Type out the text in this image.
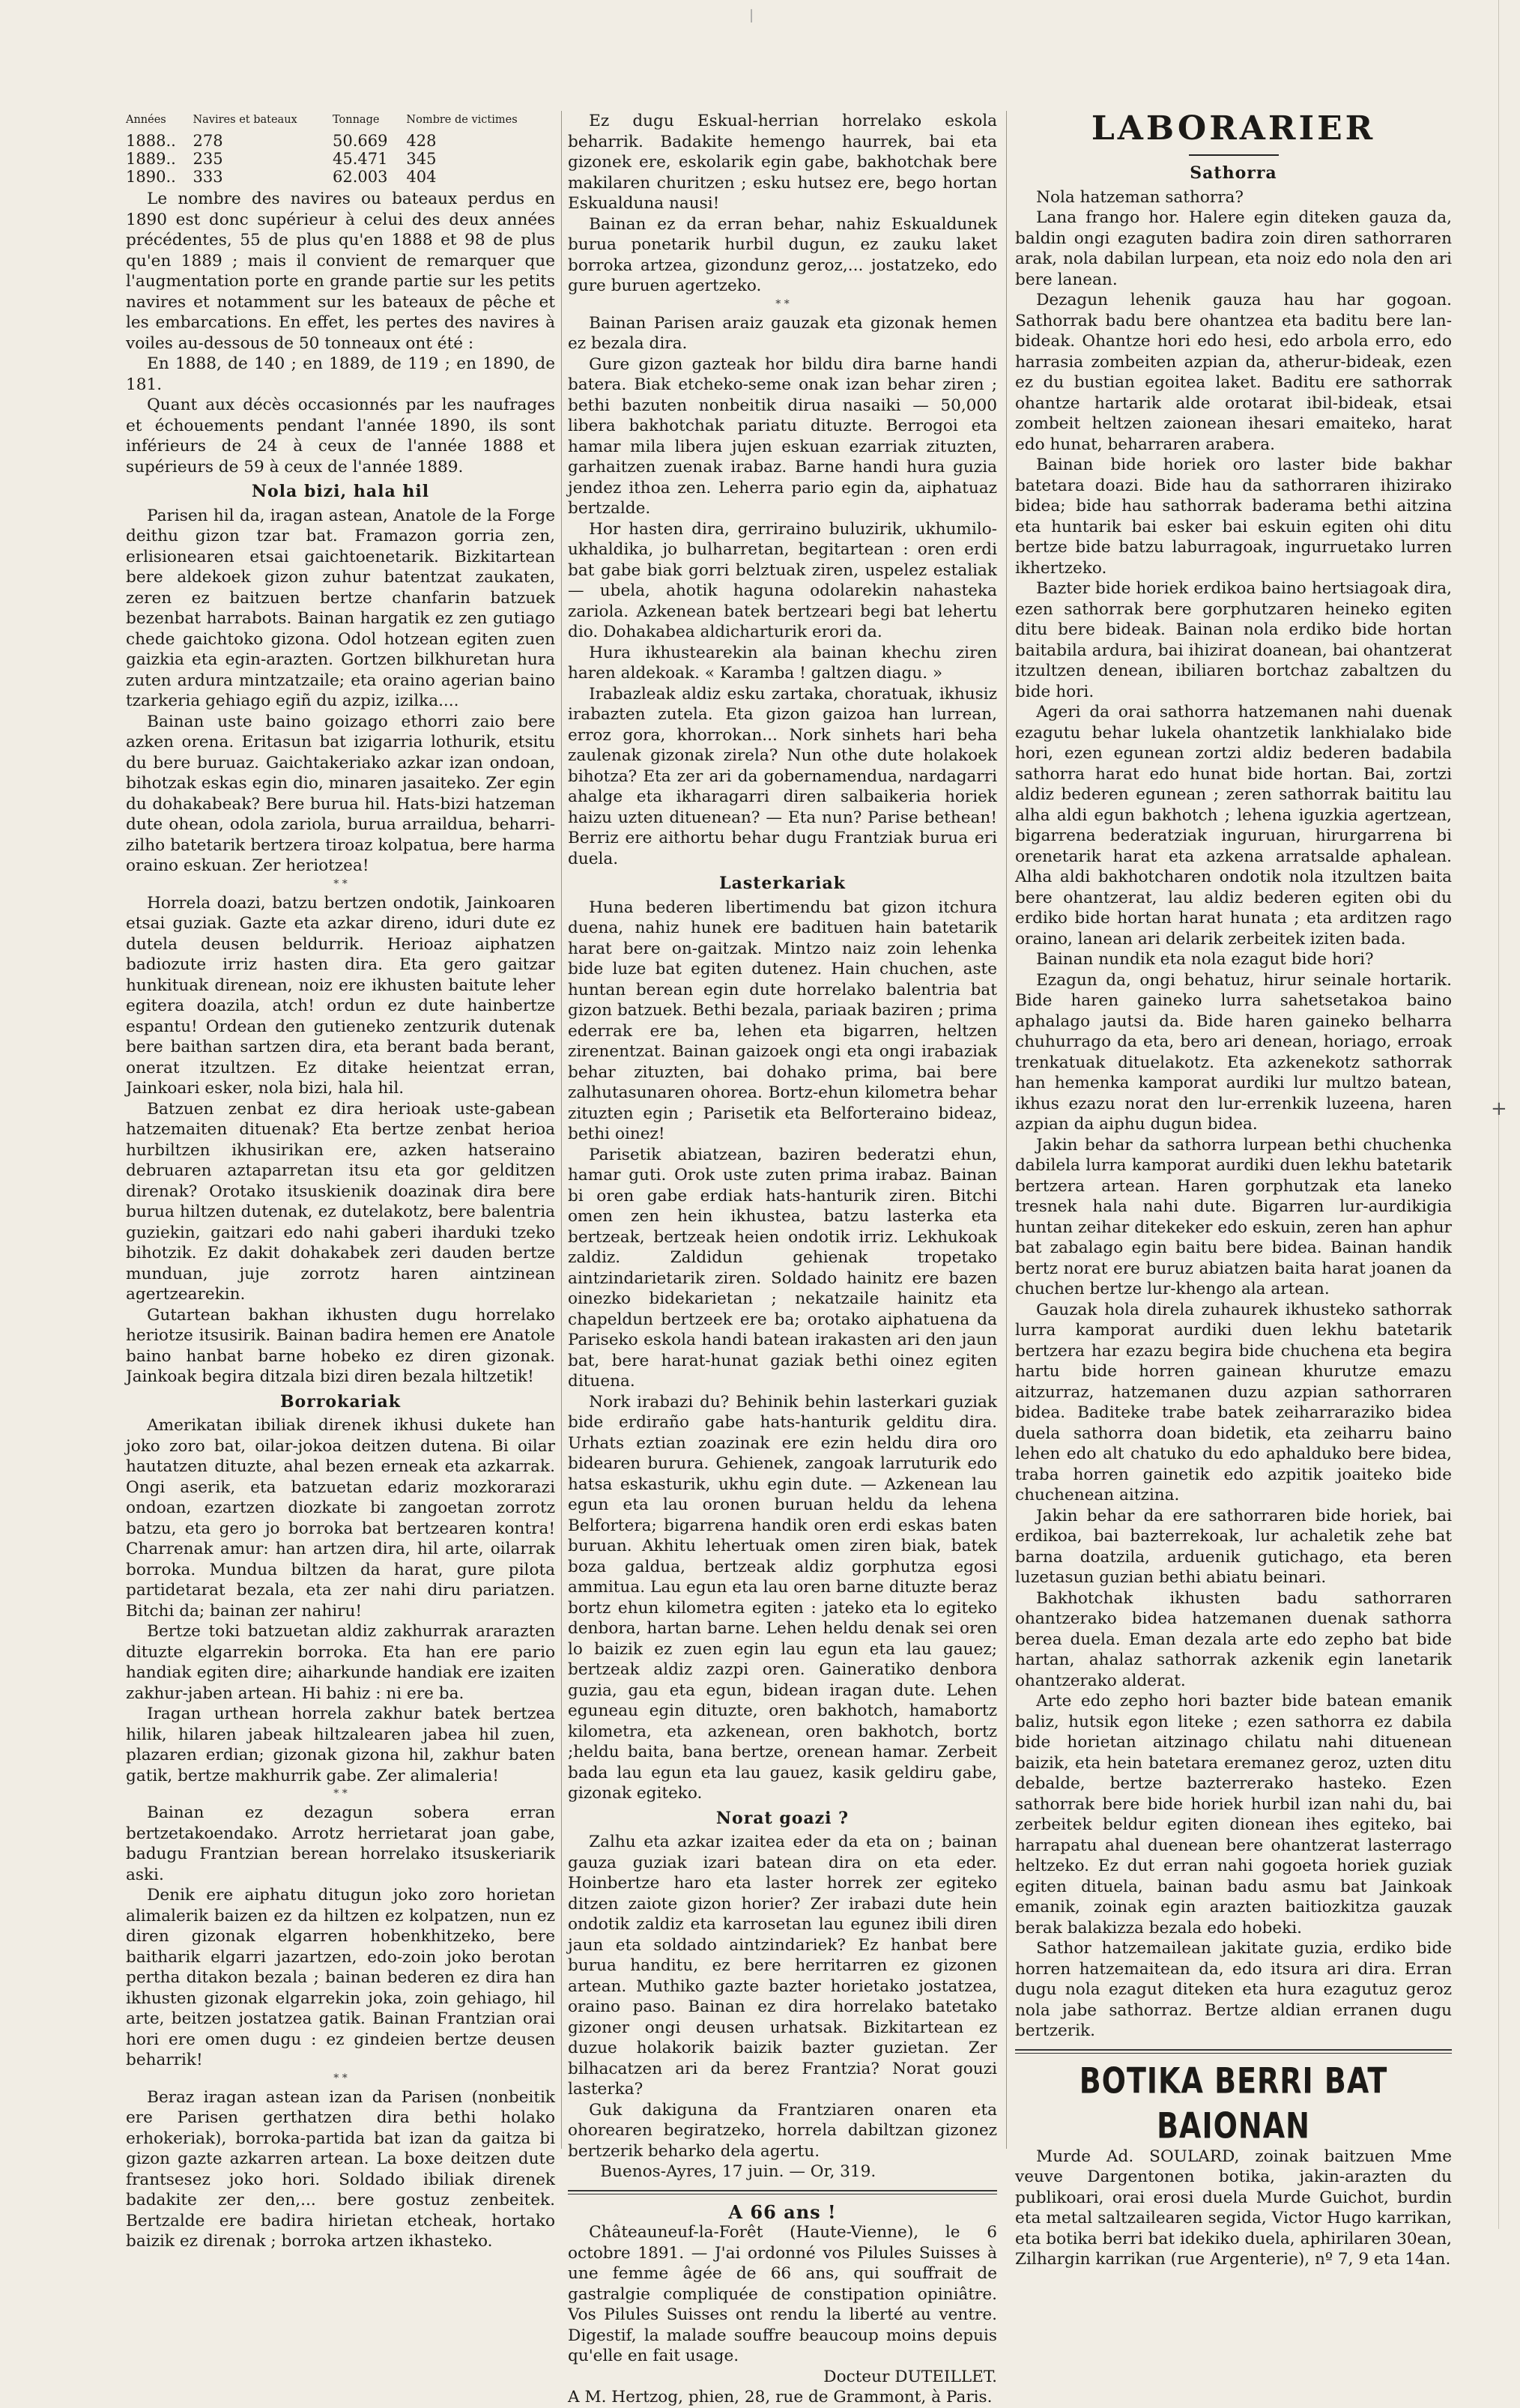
|
+
Années	Navires et bateaux	Tonnage	Nombre de victimes
1888..	278	50.669	428
1889..	235	45.471	345
1890..	333	62.003	404

Le nombre des navires ou bateaux perdus en 1890 est donc supérieur à celui des deux années précédentes, 55 de plus qu'en 1888 et 98 de plus qu'en 1889 ; mais il convient de remarquer que l'augmentation porte en grande partie sur les petits navires et notamment sur les bateaux de pêche et les embarcations. En effet, les pertes des navires à voiles au-dessous de 50 tonneaux ont été :

En 1888, de 140 ; en 1889, de 119 ; en 1890, de 181.

Quant aux décès occasionnés par les naufrages et échouements pendant l'année 1890, ils sont inférieurs de 24 à ceux de l'année 1888 et supérieurs de 59 à ceux de l'année 1889.

Nola bizi, hala hil

Parisen hil da, iragan astean, Anatole de la Forge deithu gizon tzar bat. Framazon gorria zen, erlisionearen etsai gaichtoenetarik. Bizkitartean bere aldekoek gizon zuhur batentzat zaukaten, zeren ez baitzuen bertze chanfarin batzuek bezenbat harrabots. Bainan hargatik ez zen gutiago chede gaichtoko gizona. Odol hotzean egiten zuen gaizkia eta egin-arazten. Gortzen bilkhuretan hura zuten ardura mintzatzaile; eta oraino agerian baino tzarkeria gehiago egiñ du azpiz, izilka....

Bainan uste baino goizago ethorri zaio bere azken orena. Eritasun bat izigarria lothurik, etsitu du bere buruaz. Gaichtakeriako azkar izan ondoan, bihotzak eskas egin dio, minaren jasaiteko. Zer egin du dohakabeak? Bere burua hil. Hats-bizi hatzeman dute ohean, odola zariola, burua arraildua, beharri-zilho batetarik bertzera tiroaz kolpatua, bere harma oraino eskuan. Zer heriotzea!

* *

Horrela doazi, batzu bertzen ondotik, Jainkoaren etsai guziak. Gazte eta azkar direno, iduri dute ez dutela deusen beldurrik. Herioaz aiphatzen badiozute irriz hasten dira. Eta gero gaitzar hunkituak direnean, noiz ere ikhusten baitute leher egitera doazila, atch! ordun ez dute hainbertze espantu! Ordean den gutieneko zentzurik dutenak bere baithan sartzen dira, eta berant bada berant, onerat itzultzen. Ez ditake heientzat erran, Jainkoari esker, nola bizi, hala hil.

Batzuen zenbat ez dira herioak uste-gabean hatzemaiten dituenak? Eta bertze zenbat herioa hurbiltzen ikhusirikan ere, azken hatseraino debruaren aztaparretan itsu eta gor gelditzen direnak? Orotako itsuskienik doazinak dira bere burua hiltzen dutenak, ez dutelakotz, bere balentria guziekin, gaitzari edo nahi gaberi iharduki tzeko bihotzik. Ez dakit dohakabek zeri dauden bertze munduan, juje zorrotz haren aintzinean agertzearekin.

Gutartean bakhan ikhusten dugu horrelako heriotze itsusirik. Bainan badira hemen ere Anatole baino hanbat barne hobeko ez diren gizonak. Jainkoak begira ditzala bizi diren bezala hiltzetik!

Borrokariak

Amerikatan ibiliak direnek ikhusi dukete han joko zoro bat, oilar-jokoa deitzen dutena. Bi oilar hautatzen dituzte, ahal bezen erneak eta azkarrak. Ongi aserik, eta batzuetan edariz mozkorarazi ondoan, ezartzen diozkate bi zangoetan zorrotz batzu, eta gero jo borroka bat bertzearen kontra! Charrenak amur: han artzen dira, hil arte, oilarrak borroka. Mundua biltzen da harat, gure pilota partidetarat bezala, eta zer nahi diru pariatzen. Bitchi da; bainan zer nahiru!

Bertze toki batzuetan aldiz zakhurrak ararazten dituzte elgarrekin borroka. Eta han ere pario handiak egiten dire; aiharkunde handiak ere izaiten zakhur-jaben artean. Hi bahiz : ni ere ba.

Iragan urthean horrela zakhur batek bertzea hilik, hilaren jabeak hiltzalearen jabea hil zuen, plazaren erdian; gizonak gizona hil, zakhur baten gatik, bertze makhurrik gabe. Zer alimaleria!

* *

Bainan ez dezagun sobera erran bertzetakoendako. Arrotz herrietarat joan gabe, badugu Frantzian berean horrelako itsuskeriarik aski.

Denik ere aiphatu ditugun joko zoro horietan alimalerik baizen ez da hiltzen ez kolpatzen, nun ez diren gizonak elgarren hobenkhitzeko, bere baitharik elgarri jazartzen, edo-zoin joko berotan pertha ditakon bezala ; bainan bederen ez dira han ikhusten gizonak elgarrekin joka, zoin gehiago, hil arte, beitzen jostatzea gatik. Bainan Frantzian orai hori ere omen dugu : ez gindeien bertze deusen beharrik!

* *

Beraz iragan astean izan da Parisen (nonbeitik ere Parisen gerthatzen dira bethi holako erhokeriak), borroka-partida bat izan da gaitza bi gizon gazte azkarren artean. La boxe deitzen dute frantsesez joko hori. Soldado ibiliak direnek badakite zer den,... bere gostuz zenbeitek. Bertzalde ere badira hirietan etcheak, hortako baizik ez direnak ; borroka artzen ikhasteko.

Ez dugu Eskual-herrian horrelako eskola beharrik. Badakite hemengo haurrek, bai eta gizonek ere, eskolarik egin gabe, bakhotchak bere makilaren churitzen ; esku hutsez ere, bego hortan Eskualduna nausi!

Bainan ez da erran behar, nahiz Eskualdunek burua ponetarik hurbil dugun, ez zauku laket borroka artzea, gizondunz geroz,... jostatzeko, edo gure buruen agertzeko.

* *

Bainan Parisen araiz gauzak eta gizonak hemen ez bezala dira.

Gure gizon gazteak hor bildu dira barne handi batera. Biak etcheko-seme onak izan behar ziren ; bethi bazuten nonbeitik dirua nasaiki — 50,000 libera bakhotchak pariatu dituzte. Berrogoi eta hamar mila libera jujen eskuan ezarriak zituzten, garhaitzen zuenak irabaz. Barne handi hura guzia jendez ithoa zen. Leherra pario egin da, aiphatuaz bertzalde.

Hor hasten dira, gerriraino buluzirik, ukhumilo-ukhaldika, jo bulharretan, begitartean : oren erdi bat gabe biak gorri belztuak ziren, uspelez estaliak — ubela, ahotik haguna odolarekin nahasteka zariola. Azkenean batek bertzeari begi bat lehertu dio. Dohakabea aldicharturik erori da.

Hura ikhustearekin ala bainan khechu ziren haren aldekoak. « Karamba ! galtzen diagu. »

Irabazleak aldiz esku zartaka, choratuak, ikhusiz irabazten zutela. Eta gizon gaizoa han lurrean, erroz gora, khorrokan... Nork sinhets hari beha zaulenak gizonak zirela? Nun othe dute holakoek bihotza? Eta zer ari da gobernamendua, nardagarri ahalge eta ikharagarri diren salbaikeria horiek haizu uzten dituenean? — Eta nun? Parise bethean! Berriz ere aithortu behar dugu Frantziak burua eri duela.

Lasterkariak

Huna bederen libertimendu bat gizon itchura duena, nahiz hunek ere badituen hain batetarik harat bere on-gaitzak. Mintzo naiz zoin lehenka bide luze bat egiten dutenez. Hain chuchen, aste huntan berean egin dute horrelako balentria bat gizon batzuek. Bethi bezala, pariaak baziren ; prima ederrak ere ba, lehen eta bigarren, heltzen zirenentzat. Bainan gaizoek ongi eta ongi irabaziak behar zituzten, bai dohako prima, bai bere zalhutasunaren ohorea. Bortz-ehun kilometra behar zituzten egin ; Parisetik eta Belforteraino bideaz, bethi oinez!

Parisetik abiatzean, baziren bederatzi ehun, hamar guti. Orok uste zuten prima irabaz. Bainan bi oren gabe erdiak hats-hanturik ziren. Bitchi omen zen hein ikhustea, batzu lasterka eta bertzeak, bertzeak heien ondotik irriz. Lekhukoak zaldiz. Zaldidun gehienak tropetako aintzindarietarik ziren. Soldado hainitz ere bazen oinezko bidekarietan ; nekatzaile hainitz eta chapeldun bertzeek ere ba; orotako aiphatuena da Pariseko eskola handi batean irakasten ari den jaun bat, bere harat-hunat gaziak bethi oinez egiten dituena.

Nork irabazi du? Behinik behin lasterkari guziak bide erdiraño gabe hats-hanturik gelditu dira. Urhats eztian zoazinak ere ezin heldu dira oro bidearen burura. Gehienek, zangoak larruturik edo hatsa eskasturik, ukhu egin dute. — Azkenean lau egun eta lau oronen buruan heldu da lehena Belfortera; bigarrena handik oren erdi eskas baten buruan. Akhitu lehertuak omen ziren biak, batek boza galdua, bertzeak aldiz gorphutza egosi ammitua. Lau egun eta lau oren barne dituzte beraz bortz ehun kilometra egiten : jateko eta lo egiteko denbora, hartan barne. Lehen heldu denak sei oren lo baizik ez zuen egin lau egun eta lau gauez; bertzeak aldiz zazpi oren. Gaineratiko denbora guzia, gau eta egun, bidean iragan dute. Lehen eguneau egin dituzte, oren bakhotch, hamabortz kilometra, eta azkenean, oren bakhotch, bortz ;heldu baita, bana bertze, orenean hamar. Zerbeit bada lau egun eta lau gauez, kasik geldiru gabe, gizonak egiteko.

Norat goazi ?

Zalhu eta azkar izaitea eder da eta on ; bainan gauza guziak izari batean dira on eta eder. Hoinbertze haro eta laster horrek zer egiteko ditzen zaiote gizon horier? Zer irabazi dute hein ondotik zaldiz eta karrosetan lau egunez ibili diren jaun eta soldado aintzindariek? Ez hanbat bere burua handitu, ez bere herritarren ez gizonen artean. Muthiko gazte bazter horietako jostatzea, oraino paso. Bainan ez dira horrelako batetako gizoner ongi deusen urhatsak. Bizkitartean ez duzue holakorik baizik bazter guzietan. Zer bilhacatzen ari da berez Frantzia? Norat gouzi lasterka?

Guk dakiguna da Frantziaren onaren eta ohorearen begiratzeko, horrela dabiltzan gizonez bertzerik beharko dela agertu.

Buenos-Ayres, 17 juin. — Or, 319.

A 66 ans !

Châteauneuf-la-Forêt (Haute-Vienne), le 6 octobre 1891. — J'ai ordonné vos Pilules Suisses à une femme âgée de 66 ans, qui souffrait de gastralgie compliquée de constipation opiniâtre. Vos Pilules Suisses ont rendu la liberté au ventre. Digestif, la malade souffre beaucoup moins depuis qu'elle en fait usage.

Docteur DUTEILLET.

A M. Hertzog, phien, 28, rue de Grammont, à Paris.

LABORARIER
Sathorra

Nola hatzeman sathorra?

Lana frango hor. Halere egin diteken gauza da, baldin ongi ezaguten badira zoin diren sathorraren arak, nola dabilan lurpean, eta noiz edo nola den ari bere lanean.

Dezagun lehenik gauza hau har gogoan. Sathorrak badu bere ohantzea eta baditu bere lan-bideak. Ohantze hori edo hesi, edo arbola erro, edo harrasia zombeiten azpian da, atherur-bideak, ezen ez du bustian egoitea laket. Baditu ere sathorrak ohantze hartarik alde orotarat ibil-bideak, etsai zombeit heltzen zaionean ihesari emaiteko, harat edo hunat, beharraren arabera.

Bainan bide horiek oro laster bide bakhar batetara doazi. Bide hau da sathorraren ihizirako bidea; bide hau sathorrak baderama bethi aitzina eta huntarik bai esker bai eskuin egiten ohi ditu bertze bide batzu laburragoak, ingurruetako lurren ikhertzeko.

Bazter bide horiek erdikoa baino hertsiagoak dira, ezen sathorrak bere gorphutzaren heineko egiten ditu bere bideak. Bainan nola erdiko bide hortan baitabila ardura, bai ihizirat doanean, bai ohantzerat itzultzen denean, ibiliaren bortchaz zabaltzen du bide hori.

Ageri da orai sathorra hatzemanen nahi duenak ezagutu behar lukela ohantzetik lankhialako bide hori, ezen egunean zortzi aldiz bederen badabila sathorra harat edo hunat bide hortan. Bai, zortzi aldiz bederen egunean ; zeren sathorrak baititu lau alha aldi egun bakhotch ; lehena iguzkia agertzean, bigarrena bederatziak inguruan, hirurgarrena bi orenetarik harat eta azkena arratsalde aphalean. Alha aldi bakhotcharen ondotik nola itzultzen baita bere ohantzerat, lau aldiz bederen egiten obi du erdiko bide hortan harat hunata ; eta arditzen rago oraino, lanean ari delarik zerbeitek iziten bada.

Bainan nundik eta nola ezagut bide hori?

Ezagun da, ongi behatuz, hirur seinale hortarik. Bide haren gaineko lurra sahetsetakoa baino aphalago jautsi da. Bide haren gaineko belharra chuhurrago da eta, bero ari denean, horiago, erroak trenkatuak dituelakotz. Eta azkenekotz sathorrak han hemenka kamporat aurdiki lur multzo batean, ikhus ezazu norat den lur-errenkik luzeena, haren azpian da aiphu dugun bidea.

Jakin behar da sathorra lurpean bethi chuchenka dabilela lurra kamporat aurdiki duen lekhu batetarik bertzera artean. Haren gorphutzak eta laneko tresnek hala nahi dute. Bigarren lur-aurdikigia huntan zeihar ditekeker edo eskuin, zeren han aphur bat zabalago egin baitu bere bidea. Bainan handik bertz norat ere buruz abiatzen baita harat joanen da chuchen bertze lur-khengo ala artean.

Gauzak hola direla zuhaurek ikhusteko sathorrak lurra kamporat aurdiki duen lekhu batetarik bertzera har ezazu begira bide chuchena eta begira hartu bide horren gainean khurutze emazu aitzurraz, hatzemanen duzu azpian sathorraren bidea. Baditeke trabe batek zeiharraraziko bidea duela sathorra doan bidetik, eta zeiharru baino lehen edo alt chatuko du edo aphalduko bere bidea, traba horren gainetik edo azpitik joaiteko bide chuchenean aitzina.

Jakin behar da ere sathorraren bide horiek, bai erdikoa, bai bazterrekoak, lur achaletik zehe bat barna doatzila, arduenik gutichago, eta beren luzetasun guzian bethi abiatu beinari.

Bakhotchak ikhusten badu sathorraren ohantzerako bidea hatzemanen duenak sathorra berea duela. Eman dezala arte edo zepho bat bide hartan, ahalaz sathorrak azkenik egin lanetarik ohantzerako alderat.

Arte edo zepho hori bazter bide batean emanik baliz, hutsik egon liteke ; ezen sathorra ez dabila bide horietan aitzinago chilatu nahi dituenean baizik, eta hein batetara eremanez geroz, uzten ditu debalde, bertze bazterrerako hasteko. Ezen sathorrak bere bide horiek hurbil izan nahi du, bai zerbeitek beldur egiten dionean ihes egiteko, bai harrapatu ahal duenean bere ohantzerat lasterrago heltzeko. Ez dut erran nahi gogoeta horiek guziak egiten dituela, bainan badu asmu bat Jainkoak emanik, zoinak egin arazten baitiozkitza gauzak berak balakizza bezala edo hobeki.

Sathor hatzemailean jakitate guzia, erdiko bide horren hatzemaitean da, edo itsura ari dira. Erran dugu nola ezagut diteken eta hura ezagutuz geroz nola jabe sathorraz. Bertze aldian erranen dugu bertzerik.

BOTIKA BERRI BAT BAIONAN

Murde Ad. SOULARD, zoinak baitzuen Mme veuve Dargentonen botika, jakin-arazten du publikoari, orai erosi duela Murde Guichot, burdin eta metal saltzailearen segida, Victor Hugo karrikan, eta botika berri bat idekiko duela, aphirilaren 30ean, Zilhargin karrikan (rue Argenterie), nº 7, 9 eta 14an.
